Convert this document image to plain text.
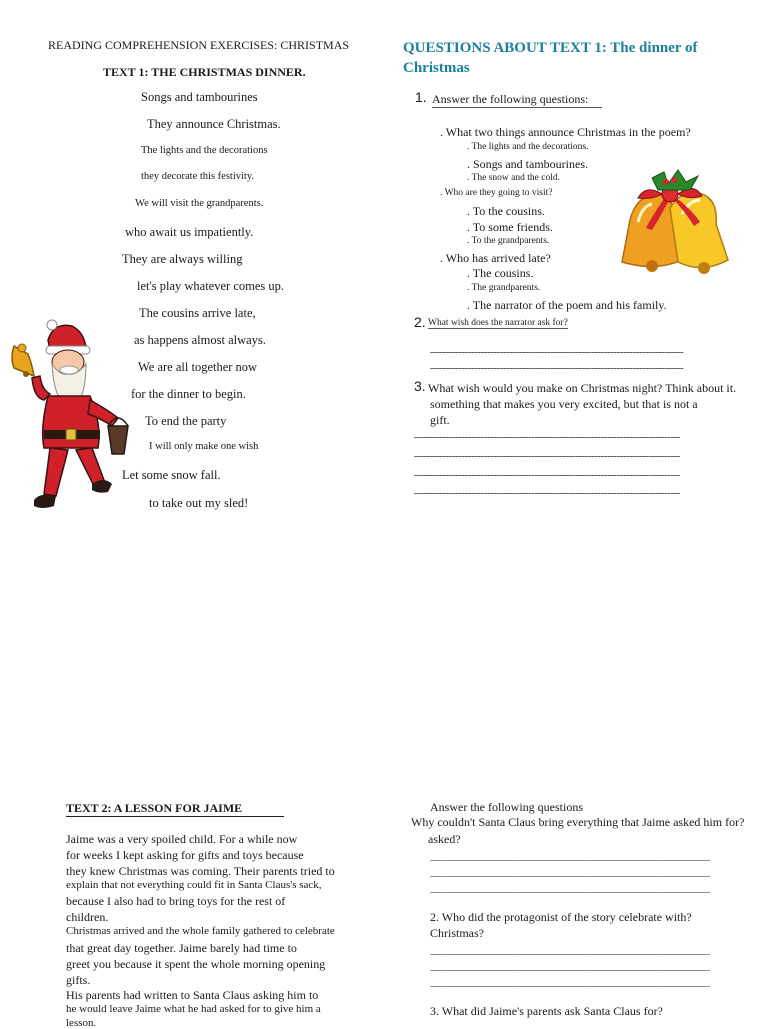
READING COMPREHENSION EXERCISES: CHRISTMAS
TEXT 1: THE CHRISTMAS DINNER.
Songs and tambourines
They announce Christmas.
The lights and the decorations
they decorate this festivity.
We will visit the grandparents.
who await us impatiently.
They are always willing
let's play whatever comes up.
The cousins arrive late,
as happens almost always.
We are all together now
for the dinner to begin.
To end the party
I will only make one wish
Let some snow fall.
to take out my sled!
QUESTIONS ABOUT TEXT 1: The dinner of Christmas
1. Answer the following questions:
. What two things announce Christmas in the poem?
. The lights and the decorations.
. Songs and tambourines.
. The snow and the cold.
. Who are they going to visit?
. To the cousins.
. To some friends.
. To the grandparents.
. Who has arrived late?
. The cousins.
. The grandparents.
. The narrator of the poem and his family.
2. What wish does the narrator ask for?
--------------------------------------------------------------------------------
--------------------------------------------------------------------------------
3. What wish would you make on Christmas night? Think about it.
something that makes you very excited, but that is not a
gift.
------------------------------------------------------------------------------------
------------------------------------------------------------------------------------
------------------------------------------------------------------------------------
------------------------------------------------------------------------------------
TEXT 2: A LESSON FOR JAIME
Jaime was a very spoiled child. For a while now
for weeks I kept asking for gifts and toys because
they knew Christmas was coming. Their parents tried to
explain that not everything could fit in Santa Claus's sack,
because I also had to bring toys for the rest of
children.
Christmas arrived and the whole family gathered to celebrate
that great day together. Jaime barely had time to
greet you because it spent the whole morning opening
gifts.
His parents had written to Santa Claus asking him to
he would leave Jaime what he had asked for to give him a
lesson.
Answer the following questions
Why couldn't Santa Claus bring everything that Jaime asked him for?
asked?
______________________________________________________________
______________________________________________________________
______________________________________________________________
2. Who did the protagonist of the story celebrate with?
Christmas?
______________________________________________________________
______________________________________________________________
______________________________________________________________
3. What did Jaime's parents ask Santa Claus for?
